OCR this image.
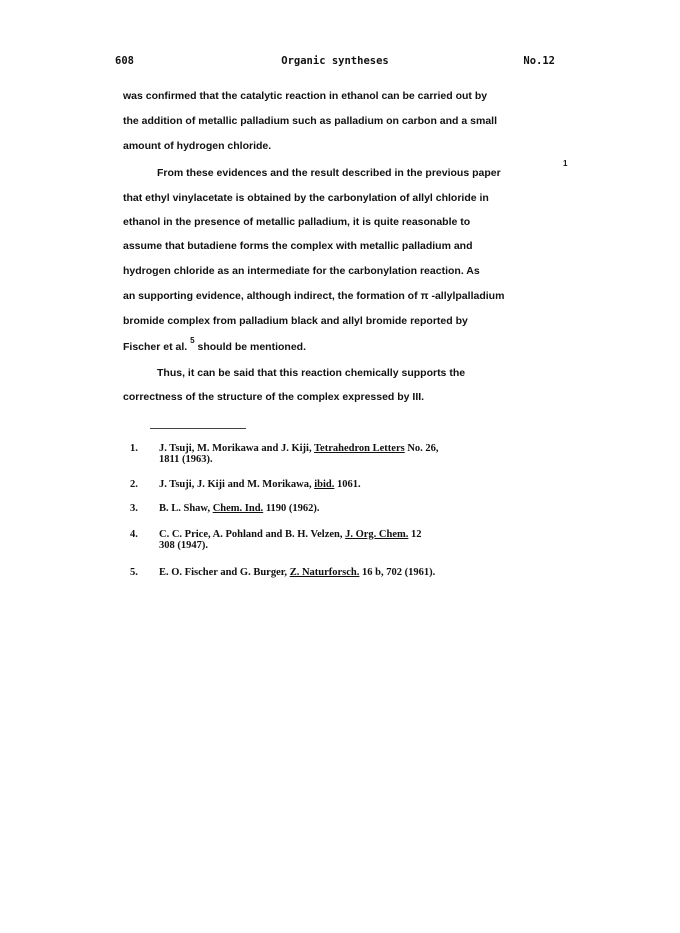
608	Organic syntheses	No.12
was confirmed that the catalytic reaction in ethanol can be carried out by
the addition of metallic palladium such as palladium on carbon and a small
amount of hydrogen chloride.
From these evidences and the result described in the previous paper
1
that ethyl vinylacetate is obtained by the carbonylation of allyl chloride in
ethanol in the presence of metallic palladium, it is quite reasonable to
assume that butadiene forms the complex with metallic palladium and
hydrogen chloride as an intermediate for the carbonylation reaction. As
an supporting evidence, although indirect, the formation of π -allylpalladium
bromide complex from palladium black and allyl bromide reported by
Fischer et al. $^5$ should be mentioned.
Thus, it can be said that this reaction chemically supports the
correctness of the structure of the complex expressed by III.
1. J. Tsuji, M. Morikawa and J. Kiji, Tetrahedron Letters No. 26,
1811 (1963).
2. J. Tsuji, J. Kiji and M. Morikawa, ibid. 1061.
3. B. L. Shaw, Chem. Ind. 1190 (1962).
4. C. C. Price, A. Pohland and B. H. Velzen, J. Org. Chem. 12
308 (1947).
5. E. O. Fischer and G. Burger, Z. Naturforsch. 16 b, 702 (1961).
